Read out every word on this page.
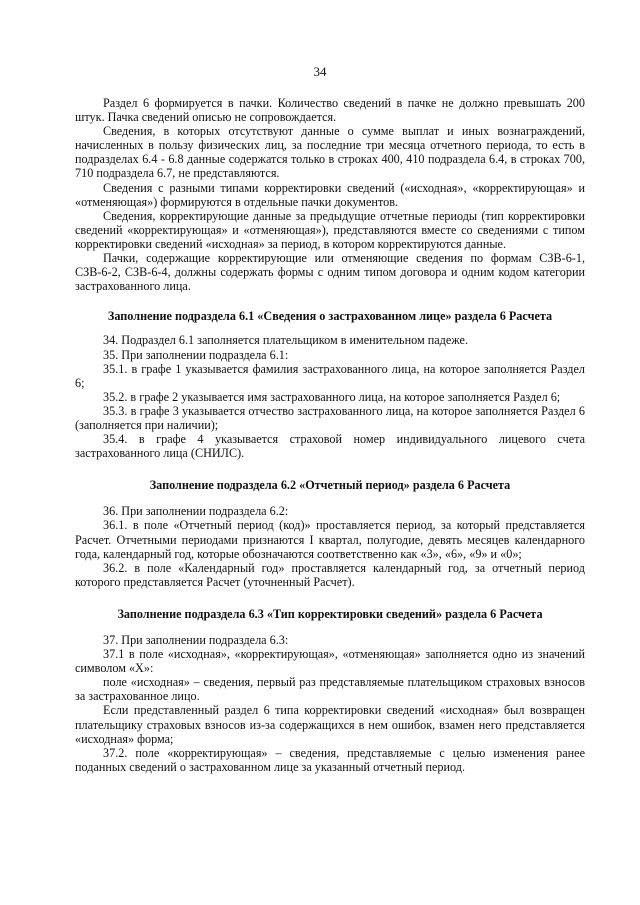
34

Раздел 6 формируется в пачки. Количество сведений в пачке не должно превышать 200 штук. Пачка сведений описью не сопровождается.

Сведения, в которых отсутствуют данные о сумме выплат и иных вознаграждений, начисленных в пользу физических лиц, за последние три месяца отчетного периода, то есть в подразделах 6.4 - 6.8 данные содержатся только в строках 400, 410 подраздела 6.4, в строках 700, 710 подраздела 6.7, не представляются.

Сведения с разными типами корректировки сведений («исходная», «корректирующая» и «отменяющая») формируются в отдельные пачки документов.

Сведения, корректирующие данные за предыдущие отчетные периоды (тип корректировки сведений «корректирующая» и «отменяющая»), представляются вместе со сведениями с типом корректировки сведений «исходная» за период, в котором корректируются данные.

Пачки, содержащие корректирующие или отменяющие сведения по формам СЗВ-6-1, СЗВ-6-2, СЗВ-6-4, должны содержать формы с одним типом договора и одним кодом категории застрахованного лица.

Заполнение подраздела 6.1 «Сведения о застрахованном лице» раздела 6 Расчета

34. Подраздел 6.1 заполняется плательщиком в именительном падеже.

35. При заполнении подраздела 6.1:

35.1. в графе 1 указывается фамилия застрахованного лица, на которое заполняется Раздел 6;

35.2. в графе 2 указывается имя застрахованного лица, на которое заполняется Раздел 6;

35.3. в графе 3 указывается отчество застрахованного лица, на которое заполняется Раздел 6 (заполняется при наличии);

35.4. в графе 4 указывается страховой номер индивидуального лицевого счета застрахованного лица (СНИЛС).

Заполнение подраздела 6.2 «Отчетный период» раздела 6 Расчета

36. При заполнении подраздела 6.2:

36.1. в поле «Отчетный период (код)» проставляется период, за который представляется Расчет. Отчетными периодами признаются I квартал, полугодие, девять месяцев календарного года, календарный год, которые обозначаются соответственно как «3», «6», «9» и «0»;

36.2. в поле «Календарный год» проставляется календарный год, за отчетный период которого представляется Расчет (уточненный Расчет).

Заполнение подраздела 6.3 «Тип корректировки сведений» раздела 6 Расчета

37. При заполнении подраздела 6.3:

37.1 в поле «исходная», «корректирующая», «отменяющая» заполняется одно из значений символом «Х»:

поле «исходная» – сведения, первый раз представляемые плательщиком страховых взносов за застрахованное лицо.

Если представленный раздел 6 типа корректировки сведений «исходная» был возвращен плательщику страховых взносов из-за содержащихся в нем ошибок, взамен него представляется «исходная» форма;

37.2. поле «корректирующая» – сведения, представляемые с целью изменения ранее поданных сведений о застрахованном лице за указанный отчетный период.
